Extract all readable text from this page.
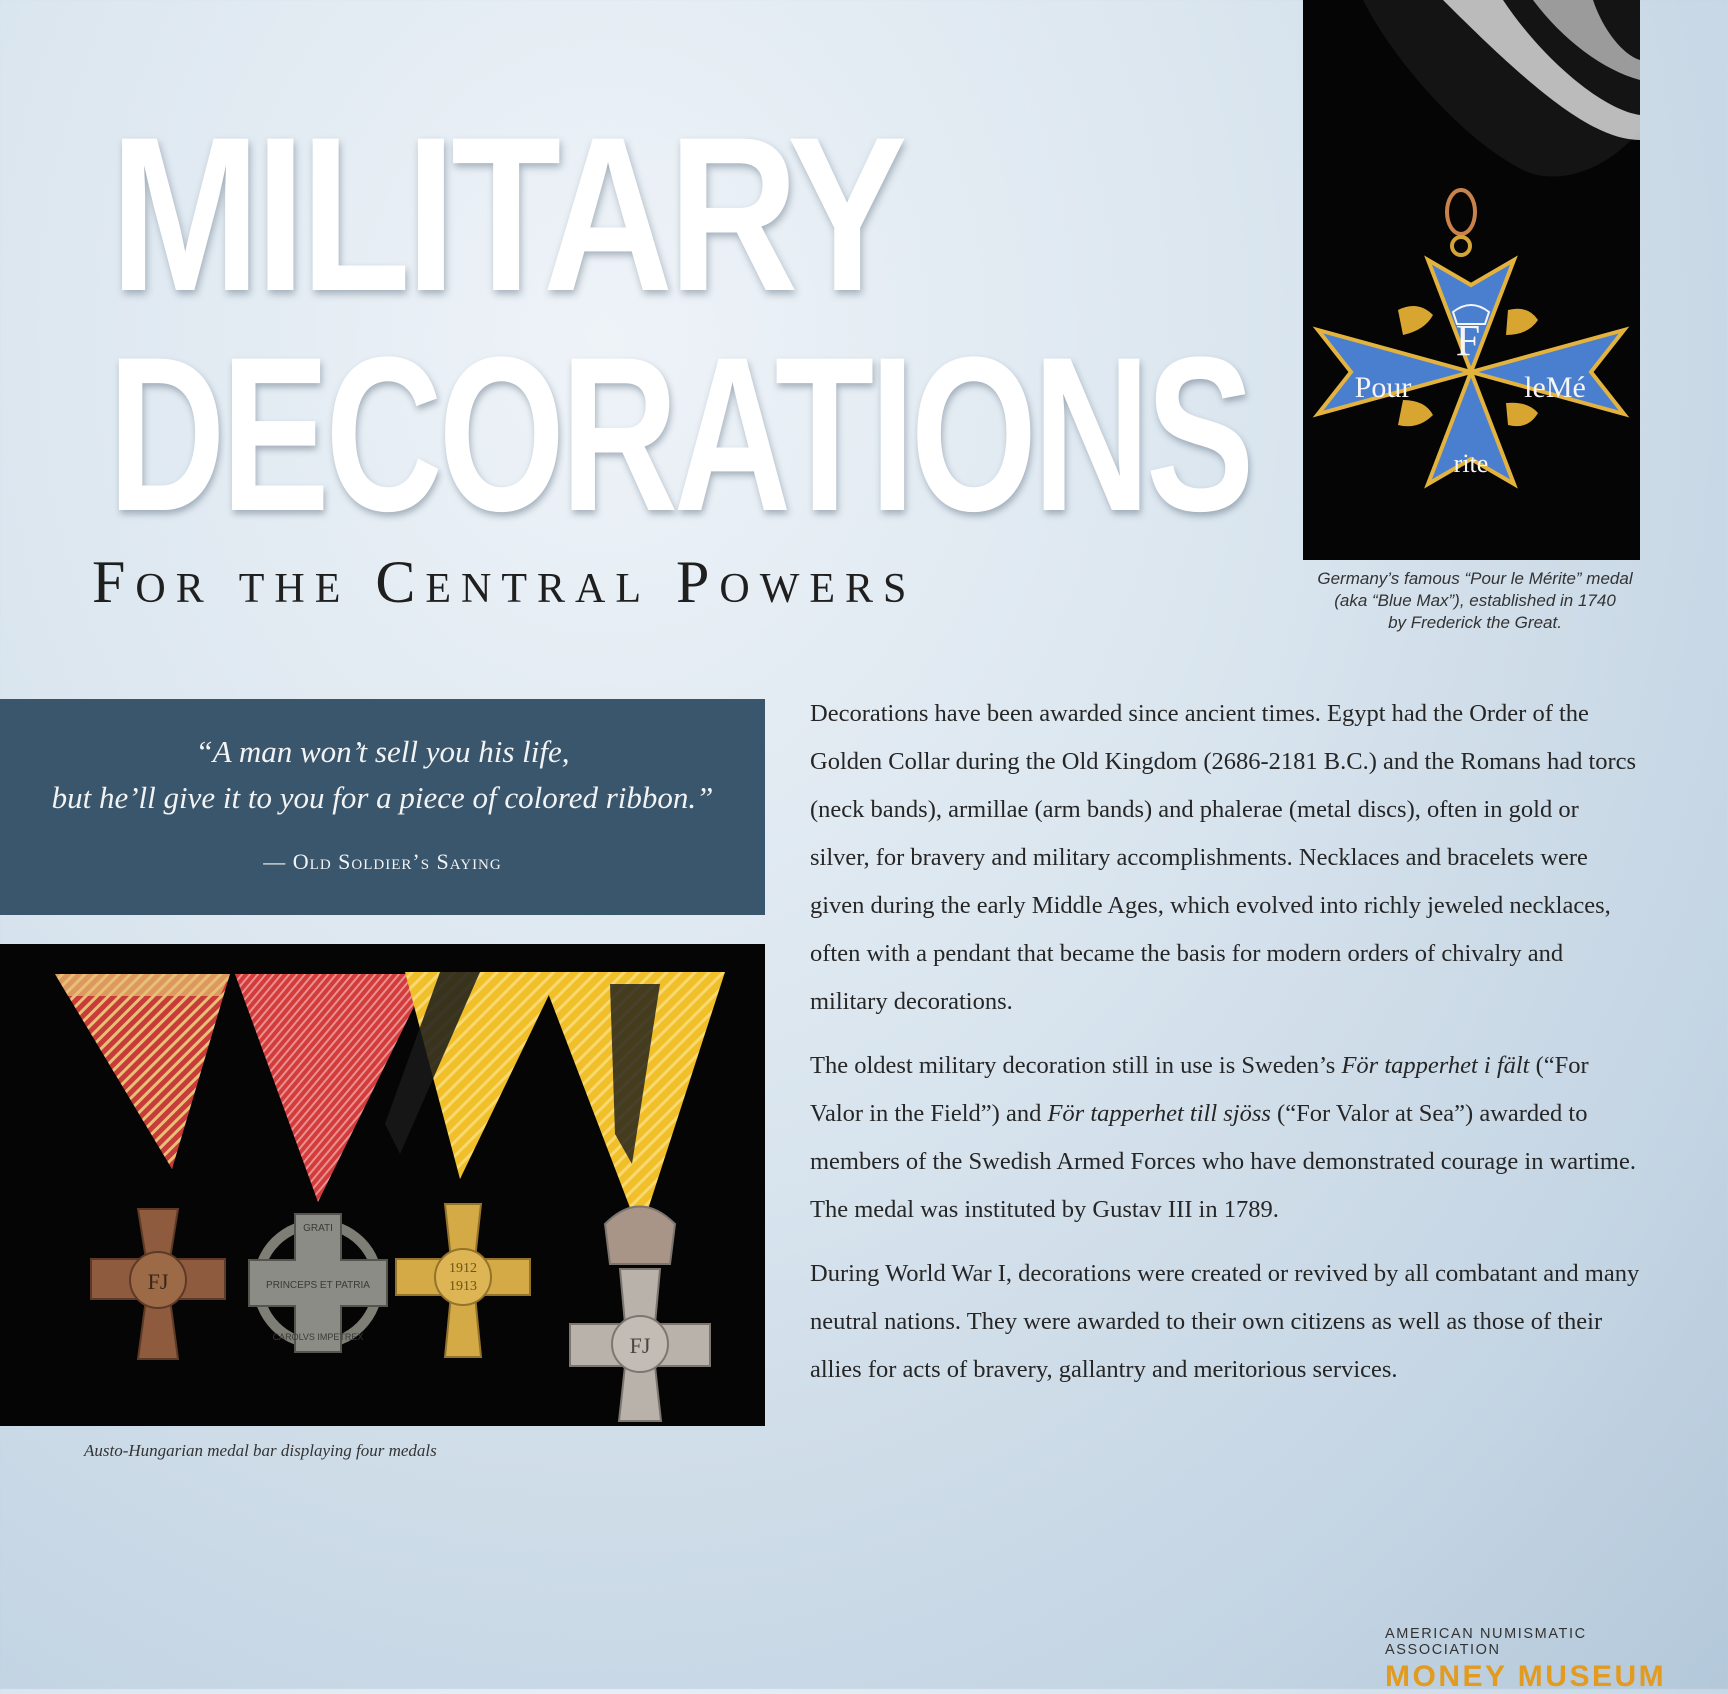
MILITARY
DECORATIONS
For the Central Powers
F
Pour	leMé
rite
Germany’s famous “Pour le Mérite” medal
(aka “Blue Max”), established in 1740
by Frederick the Great.
“A man won’t sell you his life,
but he’ll give it to you for a piece of colored ribbon.”
— Old Soldier’s Saying
FJ
GRATI
PRINCEPS ET PATRIA
CAROLVS IMPETREX
1912
1913
FJ
Austo-Hungarian medal bar displaying four medals

Decorations have been awarded since ancient times. Egypt had the Order of the Golden Collar during the Old Kingdom (2686-2181 B.C.) and the Romans had torcs (neck bands), armillae (arm bands) and phalerae (metal discs), often in gold or silver, for bravery and military accomplishments. Necklaces and bracelets were given during the early Middle Ages, which evolved into richly jeweled necklaces, often with a pendant that became the basis for modern orders of chivalry and military decorations.

The oldest military decoration still in use is Sweden’s För tapperhet i fält (“For Valor in the Field”) and För tapperhet till sjöss (“For Valor at Sea”) awarded to members of the Swedish Armed Forces who have demonstrated courage in wartime. The medal was instituted by Gustav III in 1789.

During World War I, decorations were created or revived by all combatant and many neutral nations. They were awarded to their own citizens as well as those of their allies for acts of bravery, gallantry and meritorious services.

AMERICAN NUMISMATIC ASSOCIATION
MONEY MUSEUM
